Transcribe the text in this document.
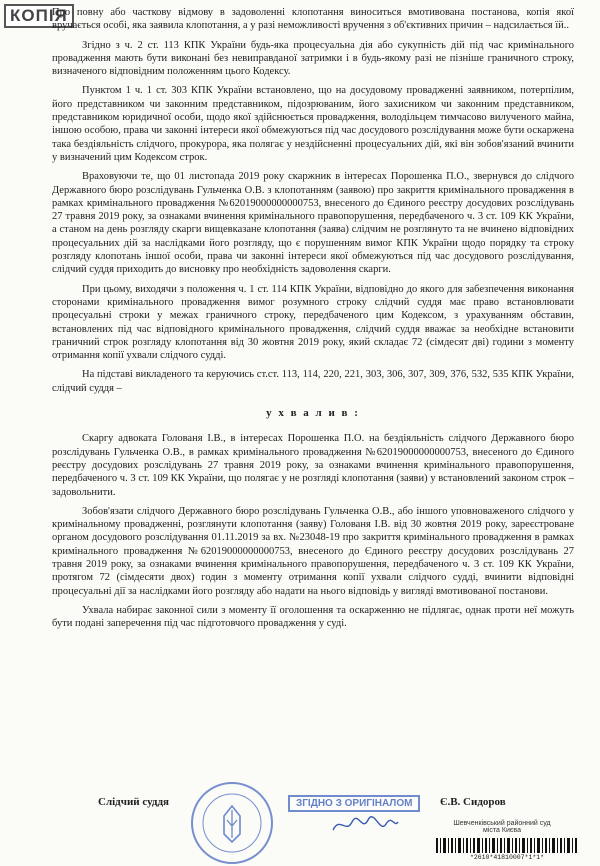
КОПІЯ

Про повну або часткову відмову в задоволенні клопотання виноситься вмотивована постанова, копія якої вручається особі, яка заявила клопотання, а у разі неможливості вручення з об'єктивних причин – надсилається їй..

Згідно з ч. 2 ст. 113 КПК України будь-яка процесуальна дія або сукупність дій під час кримінального провадження мають бути виконані без невиправданої затримки і в будь-якому разі не пізніше граничного строку, визначеного відповідним положенням цього Кодексу.

Пунктом 1 ч. 1 ст. 303 КПК України встановлено, що на досудовому провадженні заявником, потерпілим, його представником чи законним представником, підозрюваним, його захисником чи законним представником, представником юридичної особи, щодо якої здійснюється провадження, володільцем тимчасово вилученого майна, іншою особою, права чи законні інтереси якої обмежуються під час досудового розслідування може бути оскаржена така бездіяльність слідчого, прокурора, яка полягає у нездійсненні процесуальних дій, які він зобов'язаний вчинити у визначений цим Кодексом строк.

Враховуючи те, що 01 листопада 2019 року скаржник в інтересах Порошенка П.О., звернувся до слідчого Державного бюро розслідувань Гульченка О.В. з клопотанням (заявою) про закриття кримінального провадження в рамках кримінального провадження №62019000000000753, внесеного до Єдиного реєстру досудових розслідувань 27 травня 2019 року, за ознаками вчинення кримінального правопорушення, передбаченого ч. 3 ст. 109 КК України, а станом на день розгляду скарги вищевказане клопотання (заява) слідчим не розглянуто та не вчинено відповідних процесуальних дій за наслідками його розгляду, що є порушенням вимог КПК України щодо порядку та строку розгляду клопотань іншої особи, права чи законні інтереси якої обмежуються під час досудового розслідування, слідчий суддя приходить до висновку про необхідність задоволення скарги.

При цьому, виходячи з положення ч. 1 ст. 114 КПК України, відповідно до якого для забезпечення виконання сторонами кримінального провадження вимог розумного строку слідчий суддя має право встановлювати процесуальні строки у межах граничного строку, передбаченого цим Кодексом, з урахуванням обставин, встановлених під час відповідного кримінального провадження, слідчий суддя вважає за необхідне встановити граничний строк розгляду клопотання від 30 жовтня 2019 року, який складає 72 (сімдесят дві) години з моменту отримання копії ухвали слідчого судді.

На підставі викладеного та керуючись ст.ст. 113, 114, 220, 221, 303, 306, 307, 309, 376, 532, 535 КПК України, слідчий суддя –

у х в а л и в :

Скаргу адвоката Голованя І.В., в інтересах Порошенка П.О. на бездіяльність слідчого Державного бюро розслідувань Гульченка О.В., в рамках кримінального провадження №62019000000000753, внесеного до Єдиного реєстру досудових розслідувань 27 травня 2019 року, за ознаками вчинення кримінального правопорушення, передбаченого ч. 3 ст. 109 КК України, що полягає у не розгляді клопотання (заяви) у встановлений законом строк – задовольнити.

Зобов'язати слідчого Державного бюро розслідувань Гульченка О.В., або іншого уповноваженого слідчого у кримінальному провадженні, розглянути клопотання (заяву) Голованя І.В. від 30 жовтня 2019 року, зареєстроване органом досудового розслідування 01.11.2019 за вх. №23048-19 про закриття кримінального провадження в рамках кримінального провадження №62019000000000753, внесеного до Єдиного реєстру досудових розслідувань 27 травня 2019 року, за ознаками вчинення кримінального правопорушення, передбаченого ч. 3 ст. 109 КК України, протягом 72 (сімдесяти двох) годин з моменту отримання копії ухвали слідчого судді, вчинити відповідні процесуальні дії за наслідками його розгляду або надати на нього відповідь у вигляді вмотивованої постанови.

Ухвала набирає законної сили з моменту її оголошення та оскарженню не підлягає, однак проти неї можуть бути подані заперечення під час підготовчого провадження у суді.

Слідчий суддя	Є.В. Сидоров
ЗГІДНО З ОРИГІНАЛОМ
Шевченківський районний суд
міста Києва
*2610*41810007*1*1*
